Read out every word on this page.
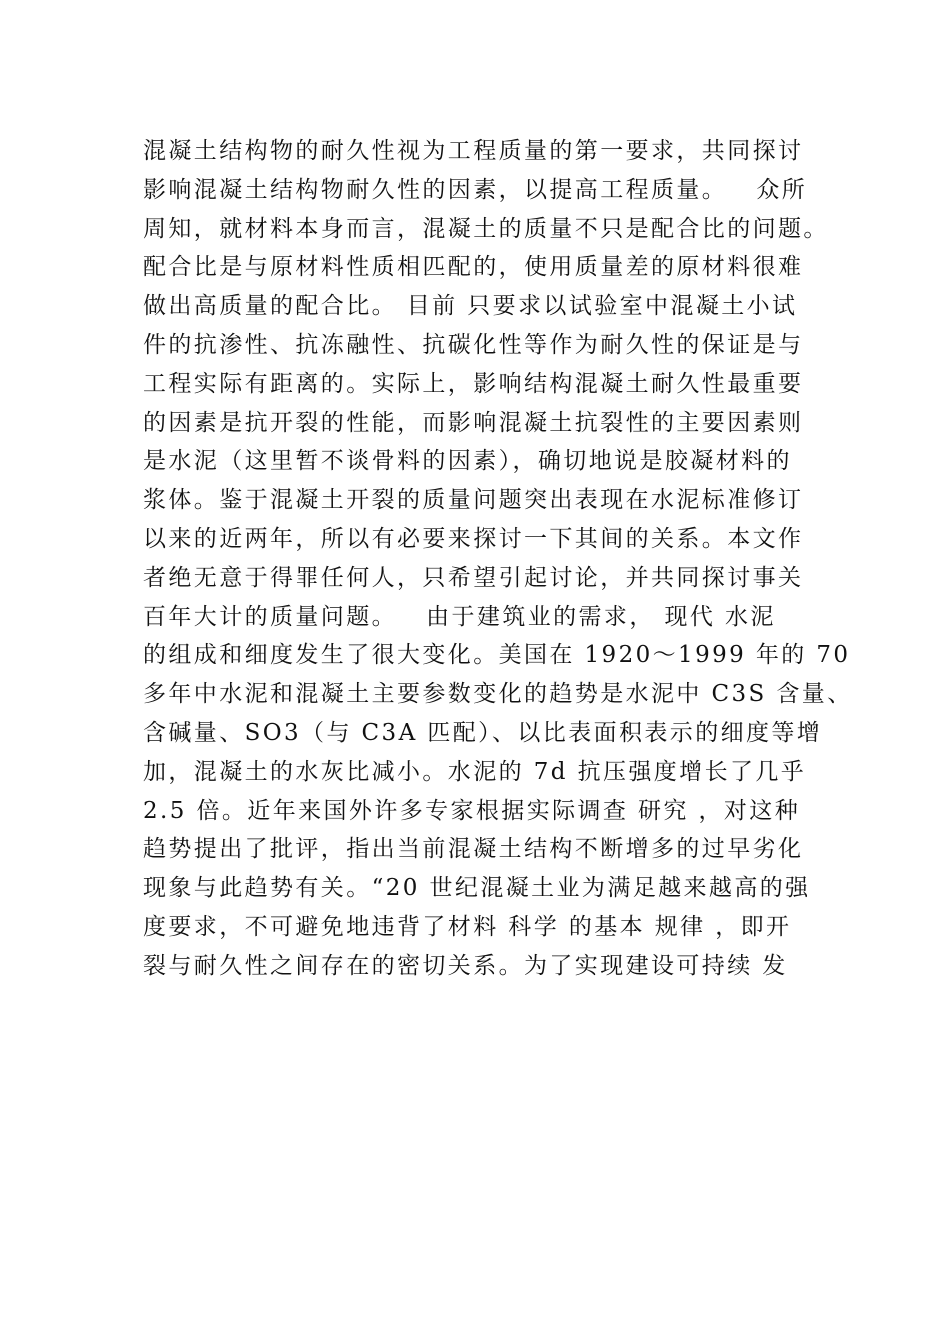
混凝土结构物的耐久性视为工程质量的第一要求，共同探讨
影响混凝土结构物耐久性的因素，以提高工程质量。   众所
周知，就材料本身而言，混凝土的质量不只是配合比的问题。
配合比是与原材料性质相匹配的，使用质量差的原材料很难
做出高质量的配合比。 目前 只要求以试验室中混凝土小试
件的抗渗性、抗冻融性、抗碳化性等作为耐久性的保证是与
工程实际有距离的。实际上，影响结构混凝土耐久性最重要
的因素是抗开裂的性能，而影响混凝土抗裂性的主要因素则
是水泥（这里暂不谈骨料的因素），确切地说是胶凝材料的
浆体。鉴于混凝土开裂的质量问题突出表现在水泥标准修订
以来的近两年，所以有必要来探讨一下其间的关系。本文作
者绝无意于得罪任何人，只希望引起讨论，并共同探讨事关
百年大计的质量问题。   由于建筑业的需求， 现代 水泥
的组成和细度发生了很大变化。美国在 1920～1999 年的 70
多年中水泥和混凝土主要参数变化的趋势是水泥中 C3S 含量、
含碱量、SO3（与 C3A 匹配）、以比表面积表示的细度等增
加，混凝土的水灰比减小。水泥的 7d 抗压强度增长了几乎
2.5 倍。近年来国外许多专家根据实际调查 研究 ，对这种
趋势提出了批评，指出当前混凝土结构不断增多的过早劣化
现象与此趋势有关。“20 世纪混凝土业为满足越来越高的强
度要求，不可避免地违背了材料 科学 的基本 规律 ，即开
裂与耐久性之间存在的密切关系。为了实现建设可持续 发
